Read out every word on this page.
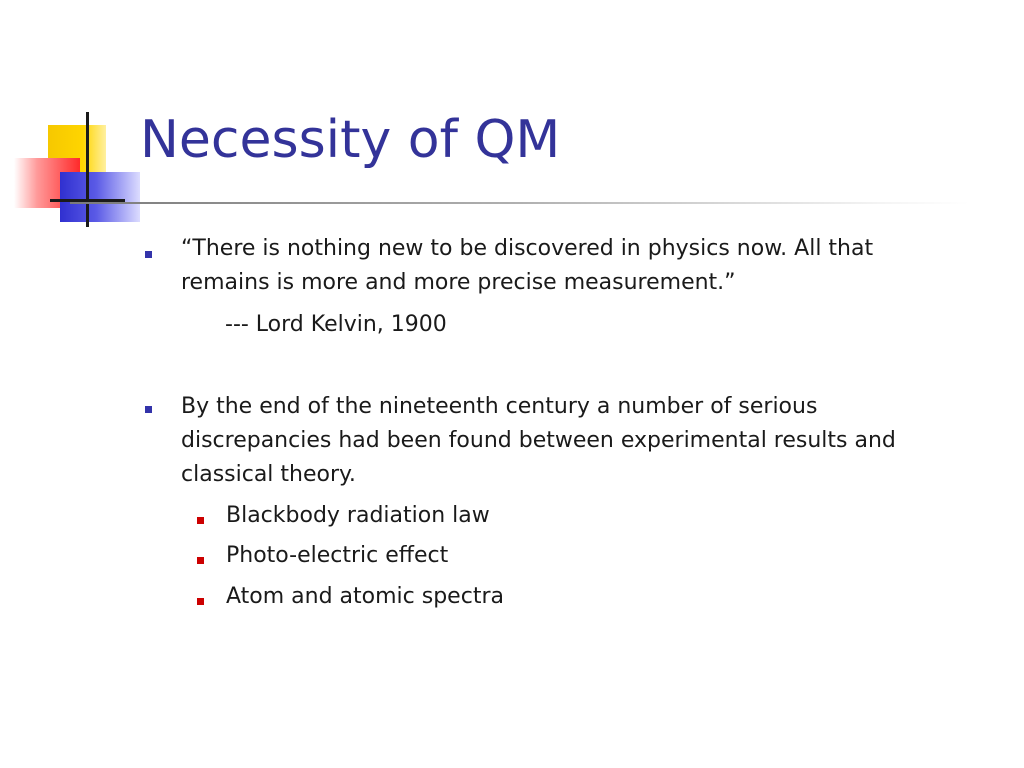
Necessity of QM
“There is nothing new to be discovered in physics now. All that
remains is more and more precise measurement.”
--- Lord Kelvin, 1900
By the end of the nineteenth century a number of serious
discrepancies had been found between experimental results and
classical theory.
Blackbody radiation law
Photo-electric effect
Atom and atomic spectra
